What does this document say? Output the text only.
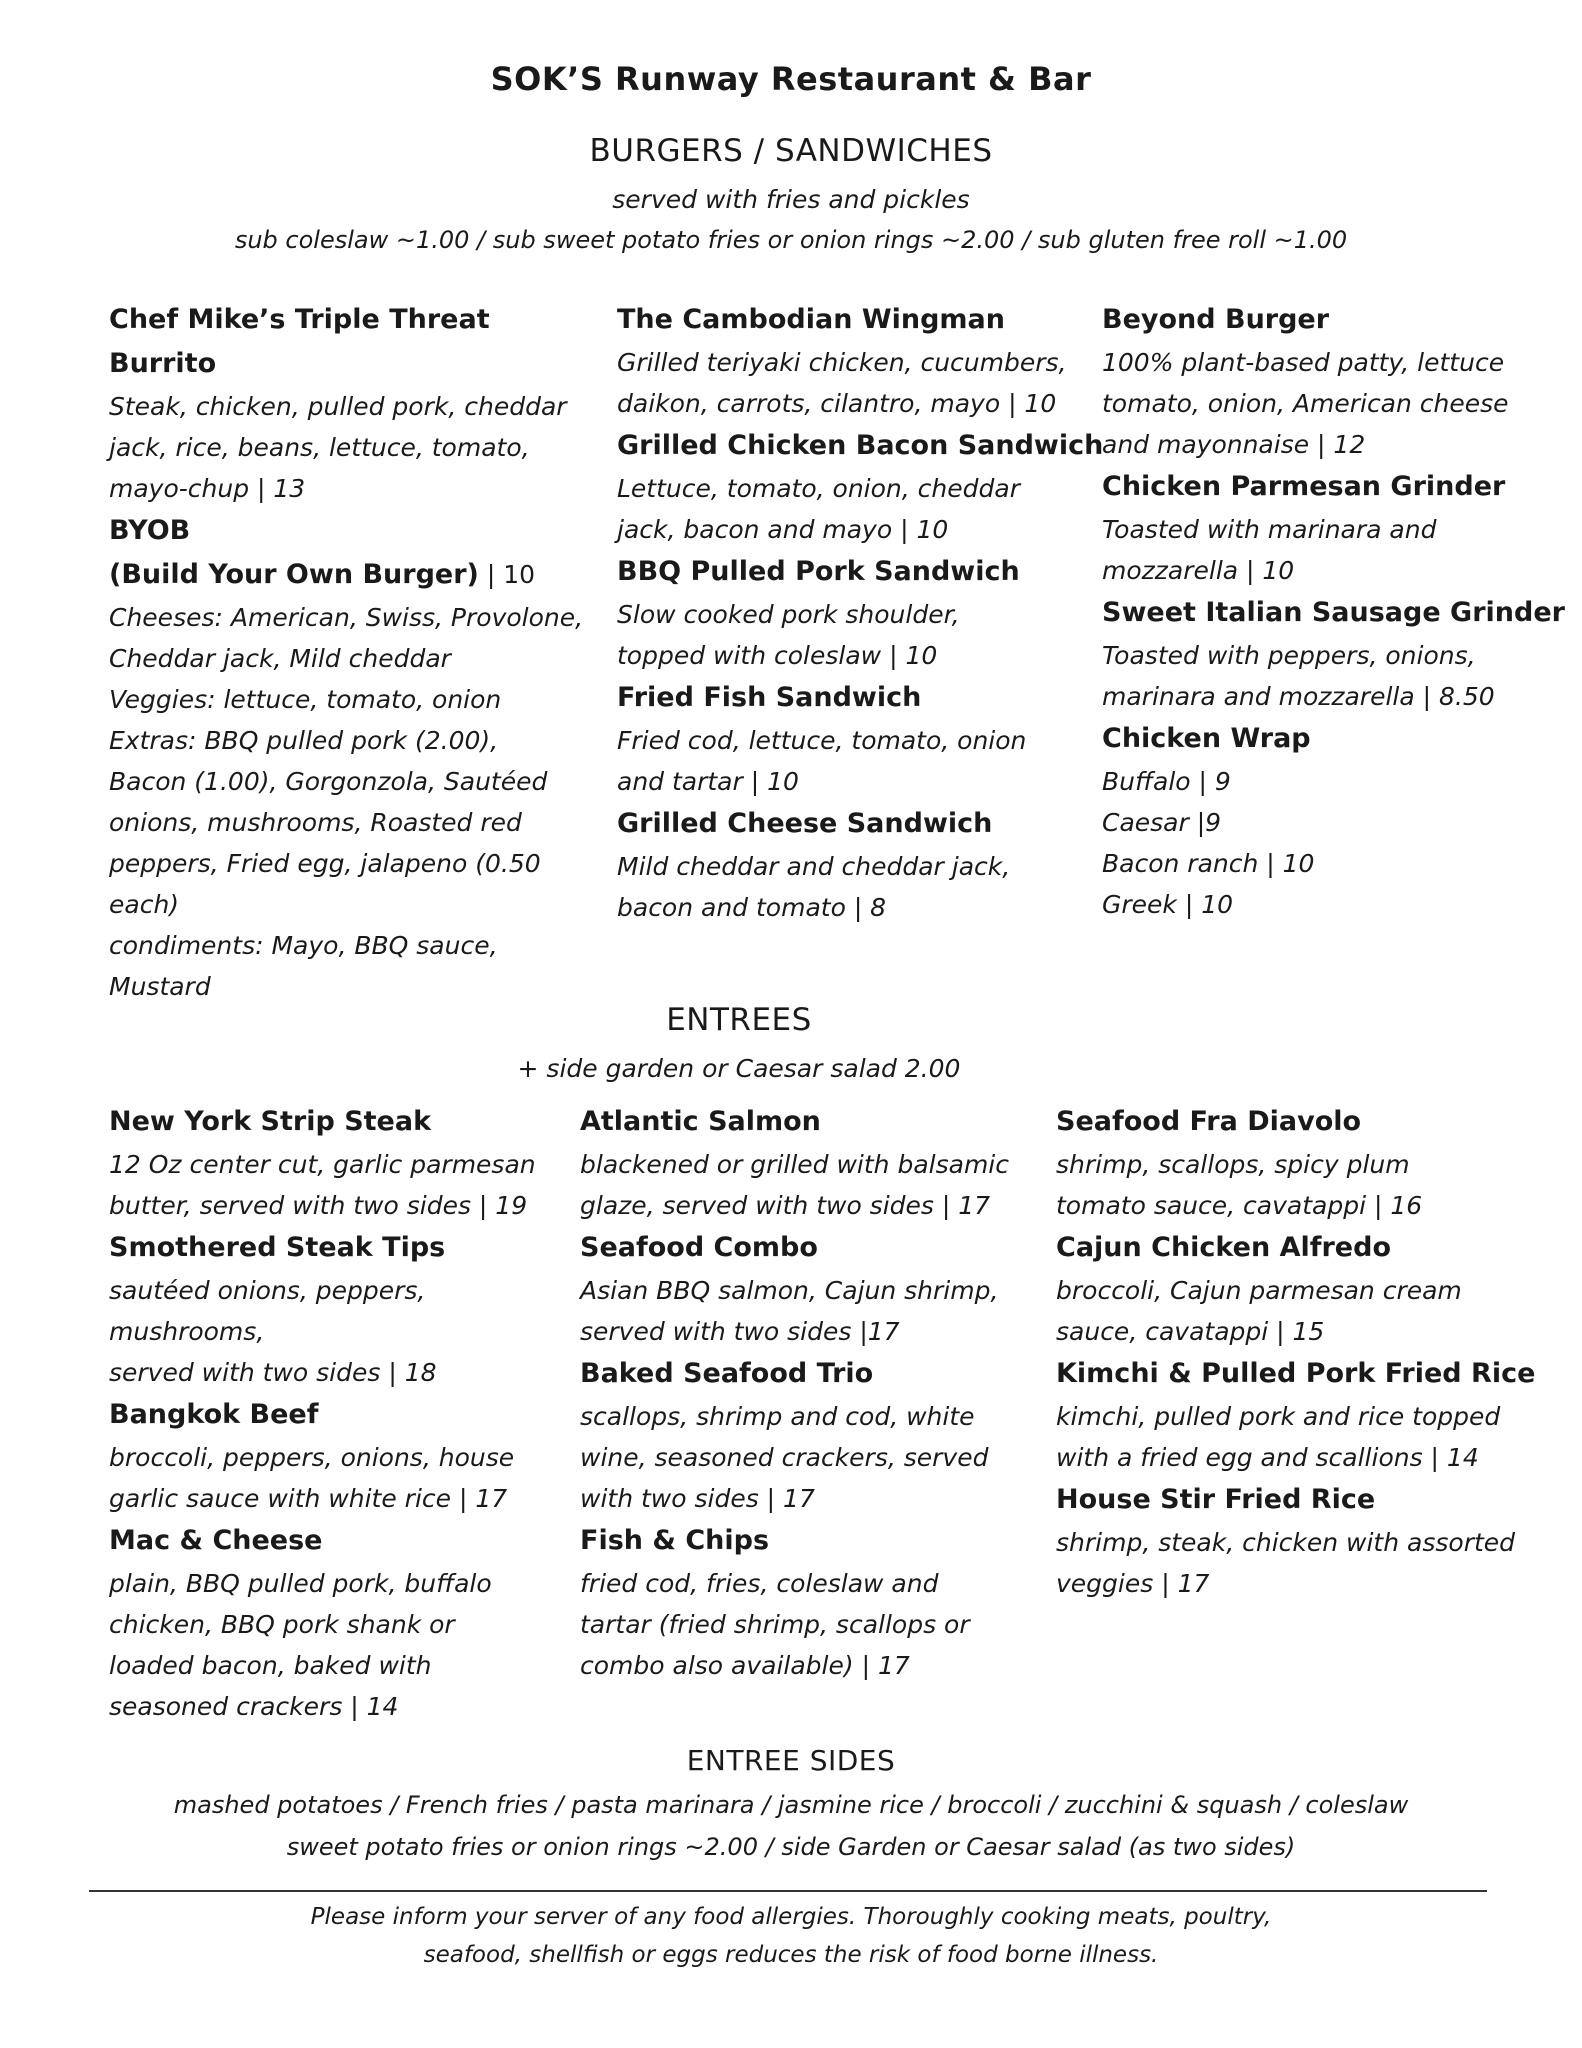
SOK’S Runway Restaurant & Bar
BURGERS / SANDWICHES
served with fries and pickles
sub coleslaw ~1.00 / sub sweet potato fries or onion rings ~2.00 / sub gluten free roll ~1.00
Chef Mike’s Triple Threat Burrito
Steak, chicken, pulled pork, cheddar
jack, rice, beans, lettuce, tomato,
mayo-chup | 13
BYOB
(Build Your Own Burger) | 10
Cheeses: American, Swiss, Provolone,
Cheddar jack, Mild cheddar
Veggies: lettuce, tomato, onion
Extras: BBQ pulled pork (2.00),
Bacon (1.00), Gorgonzola, Sautéed
onions, mushrooms, Roasted red
peppers, Fried egg, jalapeno (0.50 each)
condiments: Mayo, BBQ sauce,
Mustard
The Cambodian Wingman
Grilled teriyaki chicken, cucumbers,
daikon, carrots, cilantro, mayo | 10
Grilled Chicken Bacon Sandwich
Lettuce, tomato, onion, cheddar
jack, bacon and mayo | 10
BBQ Pulled Pork Sandwich
Slow cooked pork shoulder,
topped with coleslaw | 10
Fried Fish Sandwich
Fried cod, lettuce, tomato, onion
and tartar | 10
Grilled Cheese Sandwich
Mild cheddar and cheddar jack,
bacon and tomato | 8
Beyond Burger
100% plant-based patty, lettuce
tomato, onion, American cheese
and mayonnaise | 12
Chicken Parmesan Grinder
Toasted with marinara and
mozzarella | 10
Sweet Italian Sausage Grinder
Toasted with peppers, onions,
marinara and mozzarella | 8.50
Chicken Wrap
Buffalo | 9
Caesar |9
Bacon ranch | 10
Greek | 10
ENTREES
+ side garden or Caesar salad 2.00
New York Strip Steak
12 Oz center cut, garlic parmesan
butter, served with two sides | 19
Smothered Steak Tips
sautéed onions, peppers, mushrooms,
served with two sides | 18
Bangkok Beef
broccoli, peppers, onions, house
garlic sauce with white rice | 17
Mac & Cheese
plain, BBQ pulled pork, buffalo
chicken, BBQ pork shank or
loaded bacon, baked with
seasoned crackers | 14
Atlantic Salmon
blackened or grilled with balsamic
glaze, served with two sides | 17
Seafood Combo
Asian BBQ salmon, Cajun shrimp,
served with two sides |17
Baked Seafood Trio
scallops, shrimp and cod, white
wine, seasoned crackers, served
with two sides | 17
Fish & Chips
fried cod, fries, coleslaw and
tartar (fried shrimp, scallops or
combo also available) | 17
Seafood Fra Diavolo
shrimp, scallops, spicy plum
tomato sauce, cavatappi | 16
Cajun Chicken Alfredo
broccoli, Cajun parmesan cream
sauce, cavatappi | 15
Kimchi & Pulled Pork Fried Rice
kimchi, pulled pork and rice topped
with a fried egg and scallions | 14
House Stir Fried Rice
shrimp, steak, chicken with assorted
veggies | 17
ENTREE SIDES
mashed potatoes / French fries / pasta marinara / jasmine rice / broccoli / zucchini & squash / coleslaw
sweet potato fries or onion rings ~2.00 / side Garden or Caesar salad (as two sides)
Please inform your server of any food allergies. Thoroughly cooking meats, poultry,
seafood, shellfish or eggs reduces the risk of food borne illness.
